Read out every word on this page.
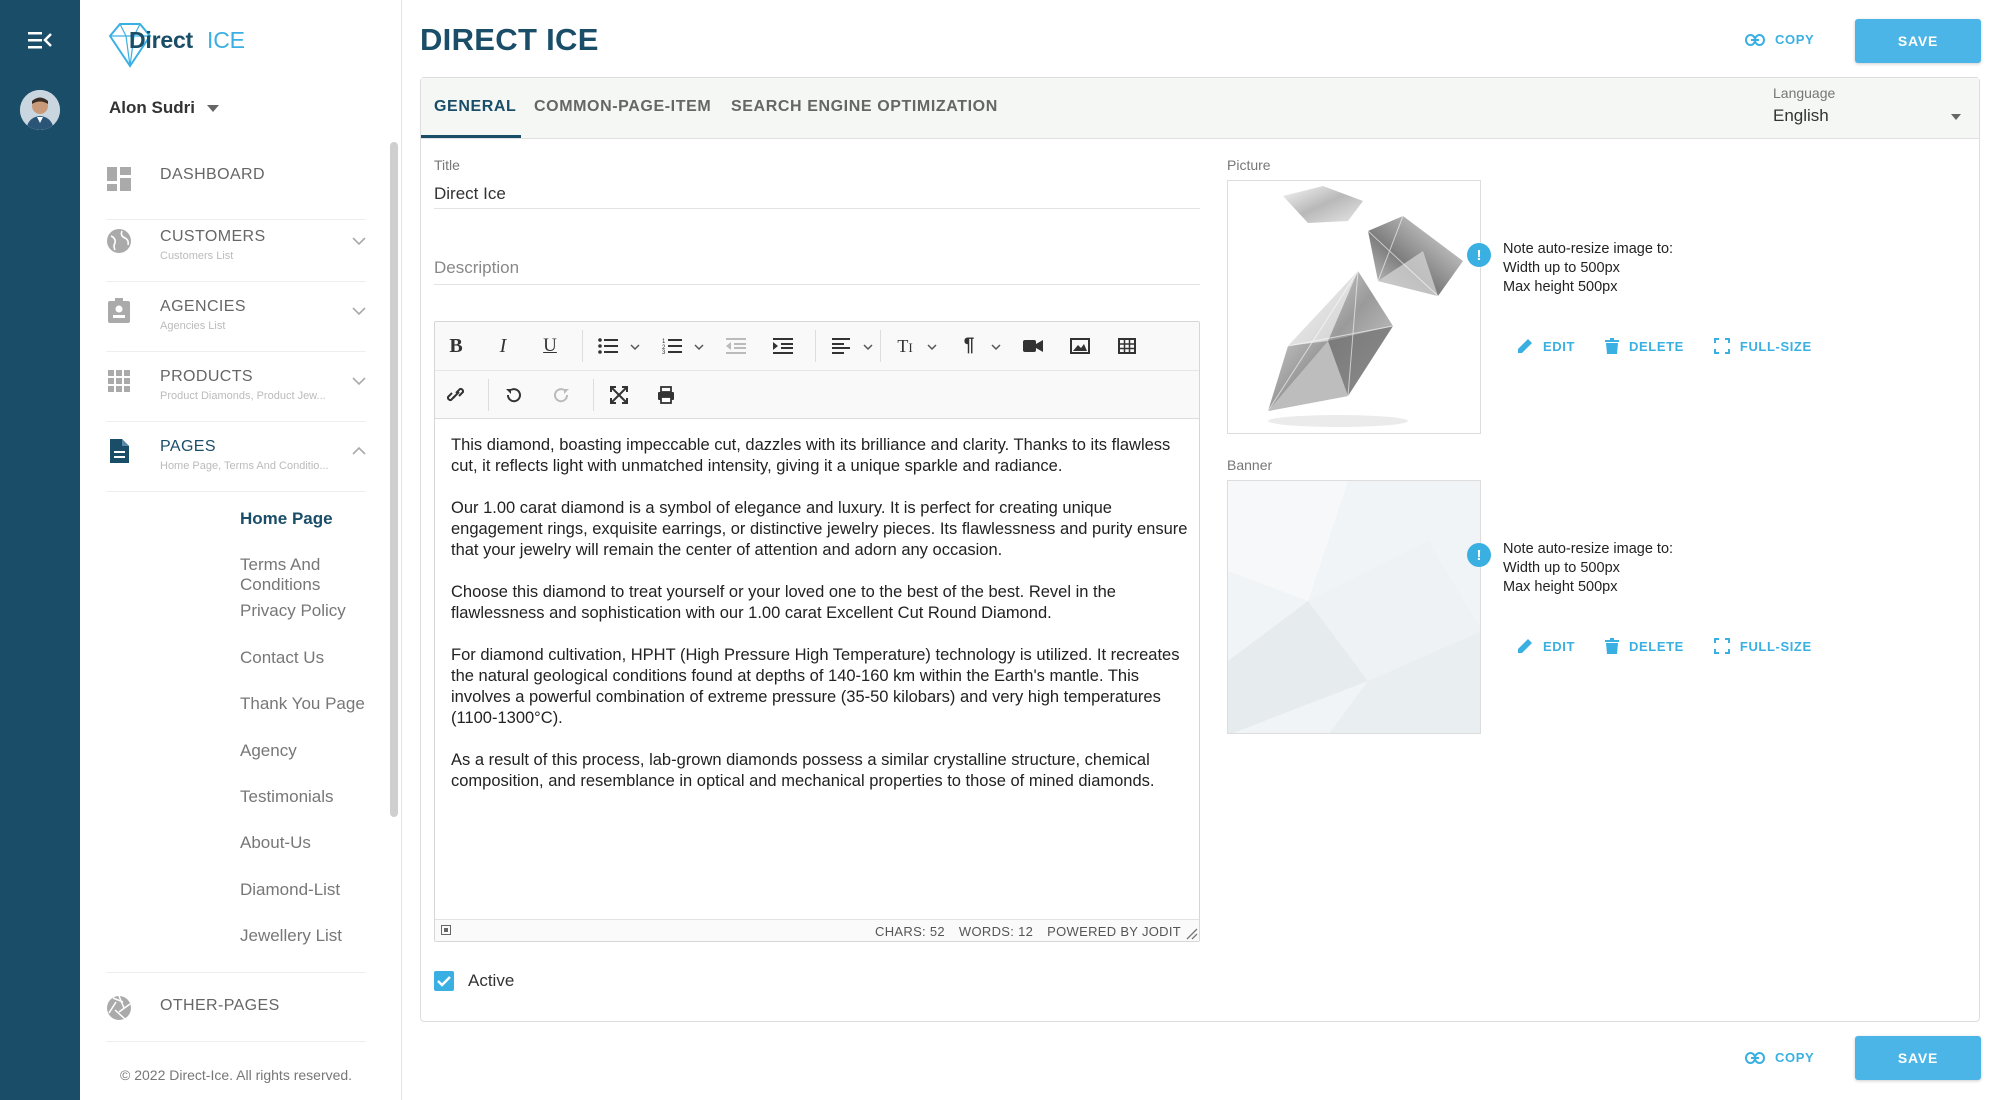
Direct ICE
Alon Sudri
DASHBOARD
CUSTOMERS
Customers List
AGENCIES
Agencies List
PRODUCTS
Product Diamonds, Product Jew...
PAGES
Home Page, Terms And Conditio...
Home Page
Terms And Conditions
Privacy Policy
Contact Us
Thank You Page
Agency
Testimonials
About-Us
Diamond-List
Jewellery List
OTHER-PAGES
© 2022 Direct-Ice. All rights reserved.
DIRECT ICE	COPY	SAVE
GENERAL COMMON-PAGE-ITEM SEARCH ENGINE OPTIMIZATION
Language
English
Title
Direct Ice
Description
B I U	1
2
3	TI	¶

This diamond, boasting impeccable cut, dazzles with its brilliance and clarity. Thanks to its flawless cut, it reflects light with unmatched intensity, giving it a unique sparkle and radiance.

Our 1.00 carat diamond is a symbol of elegance and luxury. It is perfect for creating unique engagement rings, exquisite earrings, or distinctive jewelry pieces. Its flawlessness and purity ensure that your jewelry will remain the center of attention and adorn any occasion.

Choose this diamond to treat yourself or your loved one to the best of the best. Revel in the flawlessness and sophistication with our 1.00 carat Excellent Cut Round Diamond.

For diamond cultivation, HPHT (High Pressure High Temperature) technology is utilized. It recreates the natural geological conditions found at depths of 140-160 km within the Earth's mantle. This involves a powerful combination of extreme pressure (35-50 kilobars) and very high temperatures (1100-1300°C).

As a result of this process, lab-grown diamonds possess a similar crystalline structure, chemical composition, and resemblance in optical and mechanical properties to those of mined diamonds.

CHARS: 52 WORDS: 12 POWERED BY JODIT
Active
Picture
!	Note auto-resize image to:
Width up to 500px
Max height 500px
EDIT	DELETE	FULL-SIZE
Banner
!	Note auto-resize image to:
Width up to 500px
Max height 500px
EDIT	DELETE	FULL-SIZE
COPY	SAVE
